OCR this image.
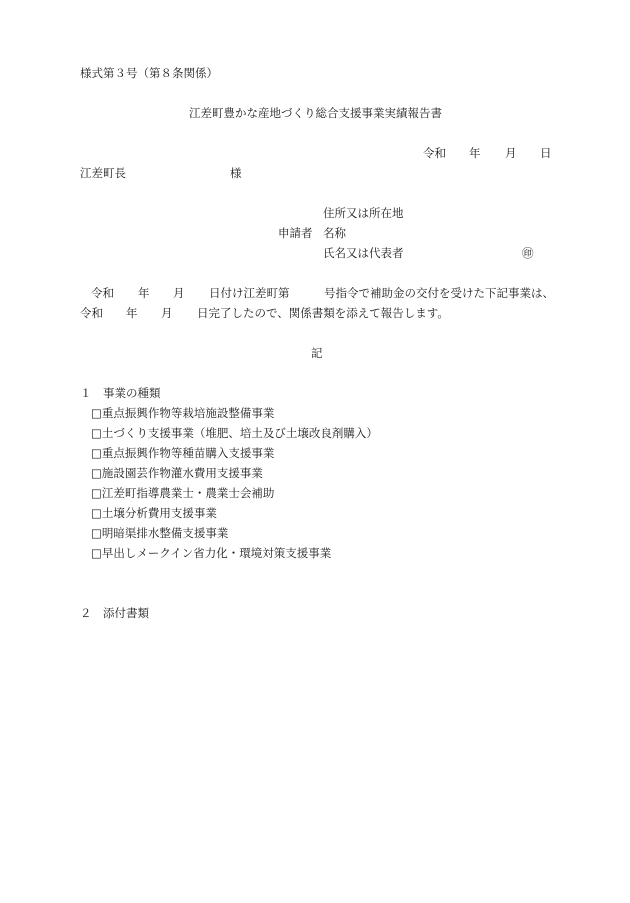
様式第３号（第８条関係）
江差町豊かな産地づくり総合支援事業実績報告書
令和 年 月 日
江差町長	様
住所又は所在地
申請者 名称
氏名又は代表者	㊞
令和 年 月 日付け江差町第　　　号指令で補助金の交付を受けた下記事業は、
令和 年 月 日完了したので、関係書類を添えて報告します。
記
１　事業の種類
□重点振興作物等栽培施設整備事業
□土づくり支援事業（堆肥、培土及び土壌改良剤購入）
□重点振興作物等種苗購入支援事業
□施設園芸作物灌水費用支援事業
□江差町指導農業士・農業士会補助
□土壌分析費用支援事業
□明暗渠排水整備支援事業
□早出しメークイン省力化・環境対策支援事業
２　添付書類
